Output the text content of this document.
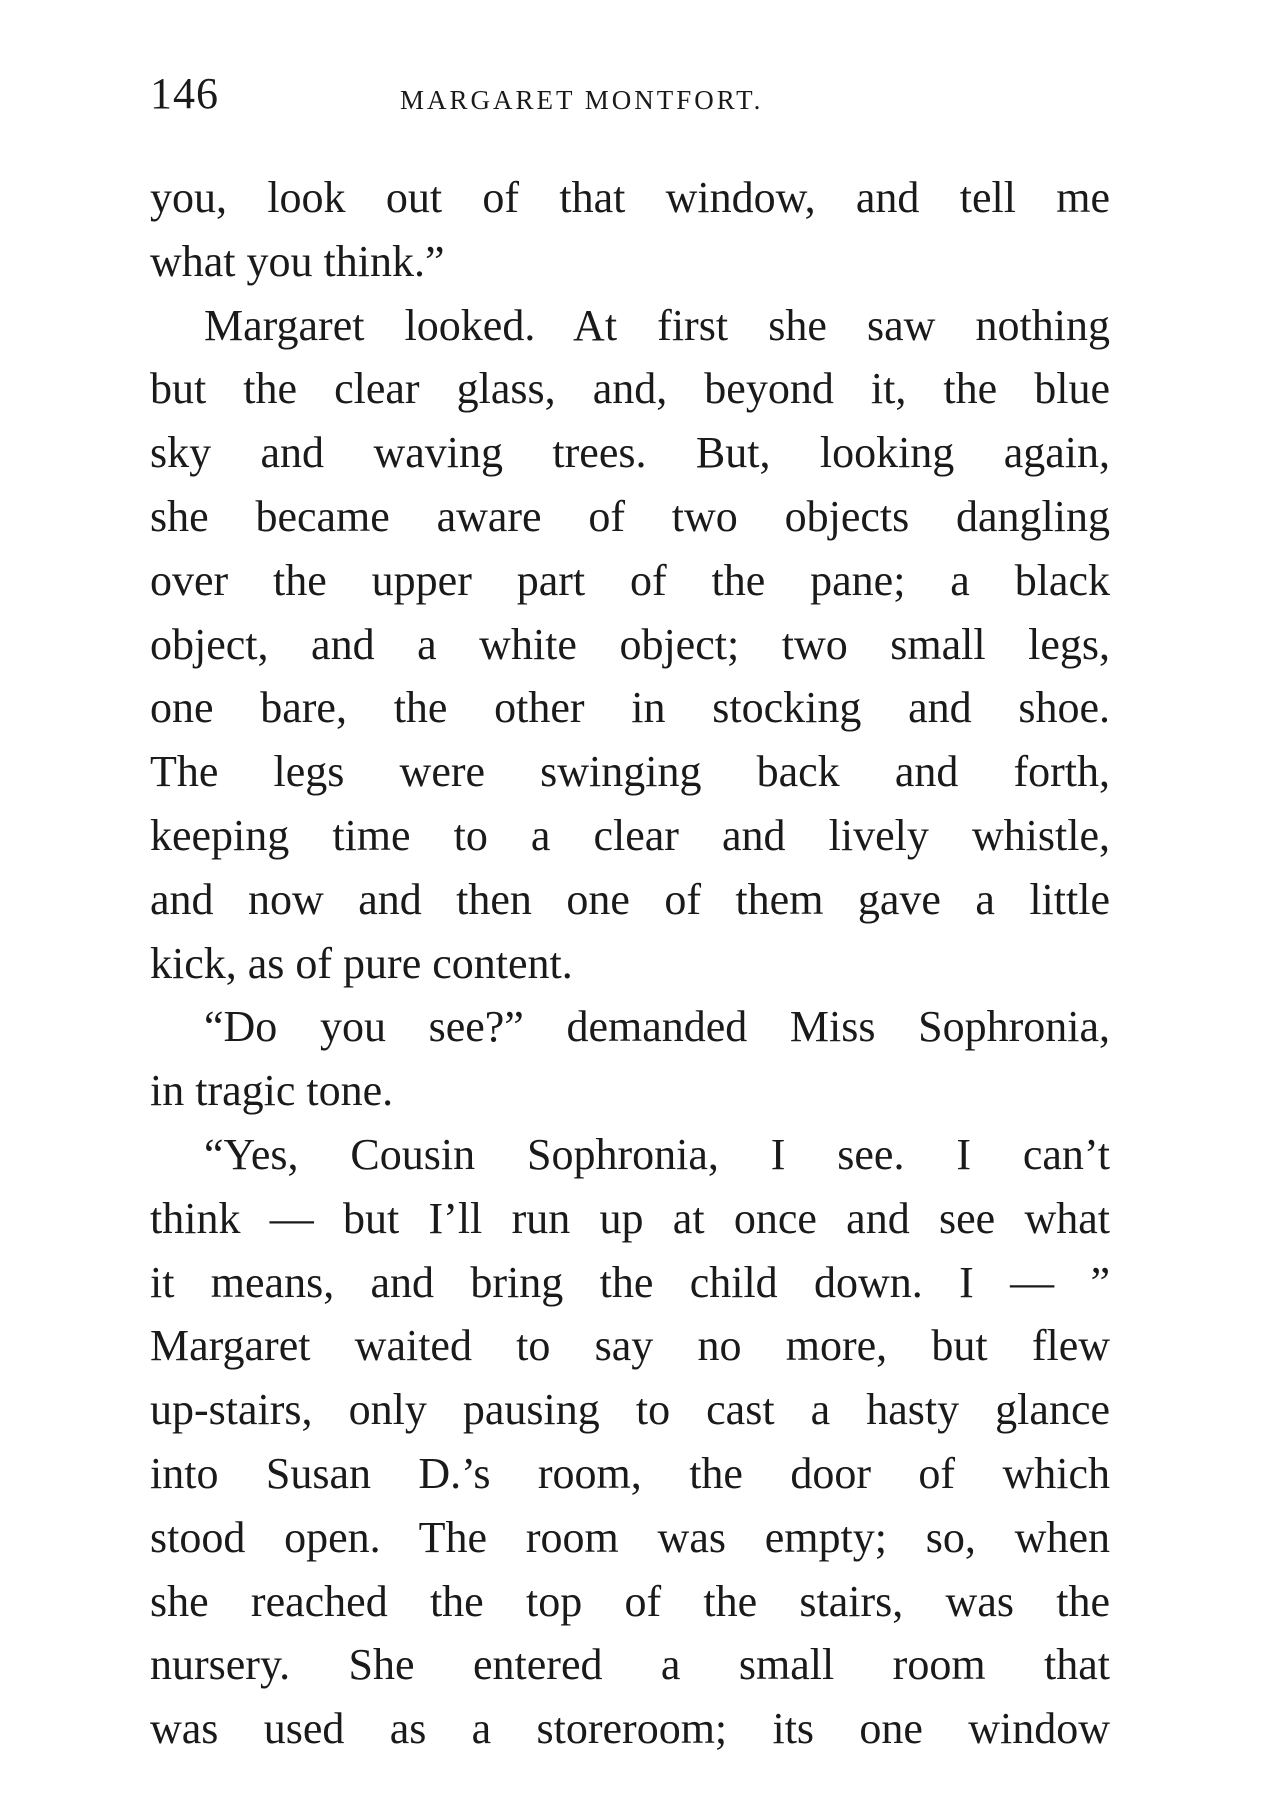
146	MARGARET MONTFORT.
you, look out of that window, and tell me
what you think.”
Margaret looked. At first she saw nothing
but the clear glass, and, beyond it, the blue
sky and waving trees. But, looking again,
she became aware of two objects dangling
over the upper part of the pane; a black
object, and a white object; two small legs,
one bare, the other in stocking and shoe.
The legs were swinging back and forth,
keeping time to a clear and lively whistle,
and now and then one of them gave a little
kick, as of pure content.
“Do you see?” demanded Miss Sophronia,
in tragic tone.
“Yes, Cousin Sophronia, I see. I can’t
think — but I’ll run up at once and see what
it means, and bring the child down. I — ”
Margaret waited to say no more, but flew
up-stairs, only pausing to cast a hasty glance
into Susan D.’s room, the door of which
stood open. The room was empty; so, when
she reached the top of the stairs, was the
nursery. She entered a small room that
was used as a storeroom; its one window
